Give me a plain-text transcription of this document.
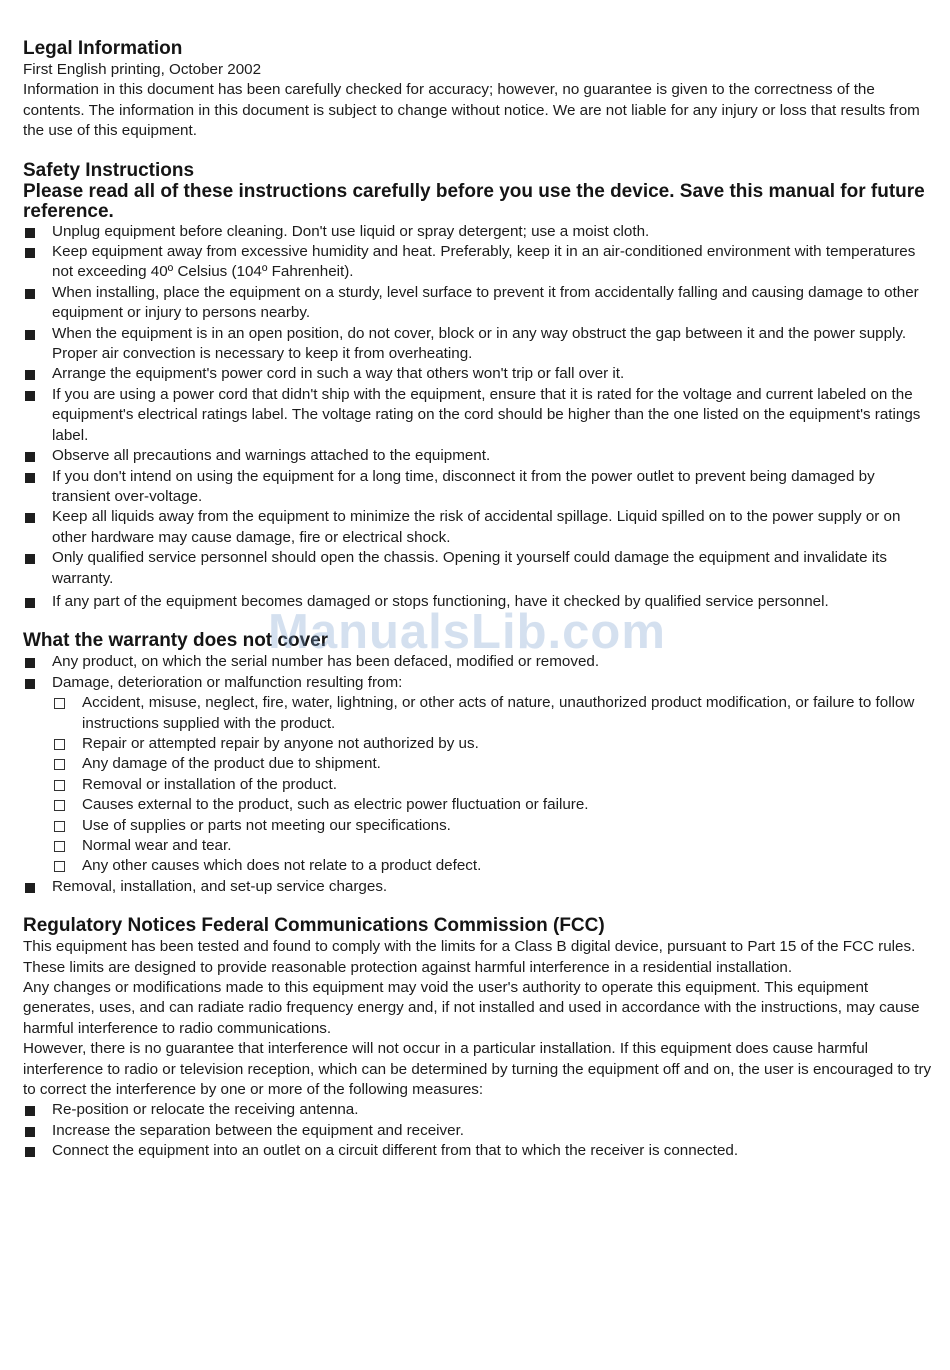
Legal Information

First English printing, October 2002

Information in this document has been carefully checked for accuracy; however, no guarantee is given to the correctness of the contents. The information in this document is subject to change without notice. We are not liable for any injury or loss that results from the use of this equipment.

Safety Instructions

Please read all of these instructions carefully before you use the device. Save this manual for future reference.

Unplug equipment before cleaning. Don't use liquid or spray detergent; use a moist cloth.
Keep equipment away from excessive humidity and heat. Preferably, keep it in an air-conditioned environment with temperatures not exceeding 40º Celsius (104º Fahrenheit).
When installing, place the equipment on a sturdy, level surface to prevent it from accidentally falling and causing damage to other equipment or injury to persons nearby.
When the equipment is in an open position, do not cover, block or in any way obstruct the gap between it and the power supply. Proper air convection is necessary to keep it from overheating.
Arrange the equipment's power cord in such a way that others won't trip or fall over it.
If you are using a power cord that didn't ship with the equipment, ensure that it is rated for the voltage and current labeled on the equipment's electrical ratings label. The voltage rating on the cord should be higher than the one listed on the equipment's ratings label.
Observe all precautions and warnings attached to the equipment.
If you don't intend on using the equipment for a long time, disconnect it from the power outlet to prevent being damaged by transient over-voltage.
Keep all liquids away from the equipment to minimize the risk of accidental spillage. Liquid spilled on to the power supply or on other hardware may cause damage, fire or electrical shock.
Only qualified service personnel should open the chassis. Opening it yourself could damage the equipment and invalidate its warranty.
If any part of the equipment becomes damaged or stops functioning, have it checked by qualified service personnel.
What the warranty does not cover
Any product, on which the serial number has been defaced, modified or removed.
Damage, deterioration or malfunction resulting from:
Accident, misuse, neglect, fire, water, lightning, or other acts of nature, unauthorized product modification, or failure to follow instructions supplied with the product.
Repair or attempted repair by anyone not authorized by us.
Any damage of the product due to shipment.
Removal or installation of the product.
Causes external to the product, such as electric power fluctuation or failure.
Use of supplies or parts not meeting our specifications.
Normal wear and tear.
Any other causes which does not relate to a product defect.
Removal, installation, and set-up service charges.
Regulatory Notices Federal Communications Commission (FCC)

This equipment has been tested and found to comply with the limits for a Class B digital device, pursuant to Part 15 of the FCC rules. These limits are designed to provide reasonable protection against harmful interference in a residential installation.

Any changes or modifications made to this equipment may void the user's authority to operate this equipment. This equipment generates, uses, and can radiate radio frequency energy and, if not installed and used in accordance with the instructions, may cause harmful interference to radio communications.

However, there is no guarantee that interference will not occur in a particular installation. If this equipment does cause harmful interference to radio or television reception, which can be determined by turning the equipment off and on, the user is encouraged to try to correct the interference by one or more of the following measures:

Re-position or relocate the receiving antenna.
Increase the separation between the equipment and receiver.
Connect the equipment into an outlet on a circuit different from that to which the receiver is connected.
ManualsLib.com
